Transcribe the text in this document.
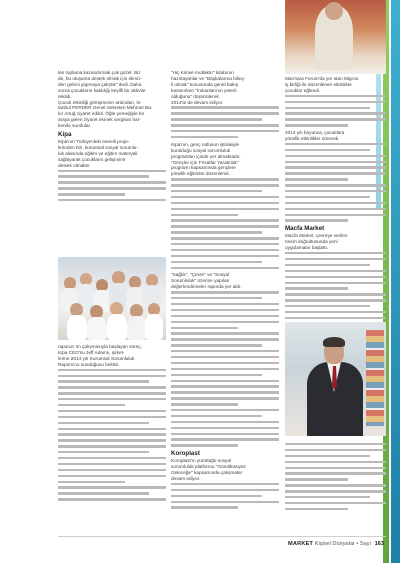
lan toplama kazandırmak çok güzel. Biz
de, bu oluşuma destek olmak için elimiz-
den geleni yapmaya çalıştık" dedi. Daha
sonra çocukların katıldığı keyifli bir aktivite
rekildi.
Çocuk etkinliği görüşmenin ardından, İs-
tanbul PERDER Genel Sekreteri Mehmet Ba-
kır Artuğ ziyaret edildi. Öğle yemeğiyle bir
araya gelen ziyaret ekmek sergisini har-
kende sundular.
Kipa
Kipa'nın Türkiye'deki önemli proje-
lerinden biri, kurumsal sosyal sorumlu-
luk alanında eğitim ve eğitim materyali
sağlayarak çocukların gelişimine
destek olmaktır.
raporun ön çalışmasıyla başlayan süreç,
Kipa CEO'su Jeff Adams, şirket-
lerine 2014 yılı Kurumsal Sorumluluk
Raporu'nu sunduğunu belirtti.
"Hiç Kimse mutlaktır" kitabının
hazırlayanlar ve "Başkalarına bilinç-
li olmak" konusunda genel bakış
kazanırken "İmkanlarının yeterli
olduğunu" düşünülerek
2014'te de devam ediyor.
Kipa'nın, genç nüfusun iştirakiyle
kurulduğu sosyal sorumluluk
programları içinde yer almaktadır.
"Gençler için Fırsatlar Yaratmak"
programı kapsamında gençlere
yönelik eğitimler düzenlendi.
"Sağlık", "Çevre" ve "Sosyal
Sorumluluk" üzerine yapılan
değerlendirmeler raporda yer aldı.
Koroplast
Koroplast'ın yürüttüğü sosyal
sorumluluk platformu "Gönüllüsüyüz
Geleceğe" kapsamında çalışmalar
devam ediyor.
Marmara Forum'da yer alan Migros
iş birliği ile düzenlenen etkinlikte
çocuklar eğlendi.
2014 yılı boyunca, çocuklara
yönelik etkinlikler sürecek.
Macfa Market
Macfa Market, çevreye verilen
önem doğrultusunda yeni
uygulamalar başlattı.
MARKET Kişisel Dünyalar • Sayı 163
